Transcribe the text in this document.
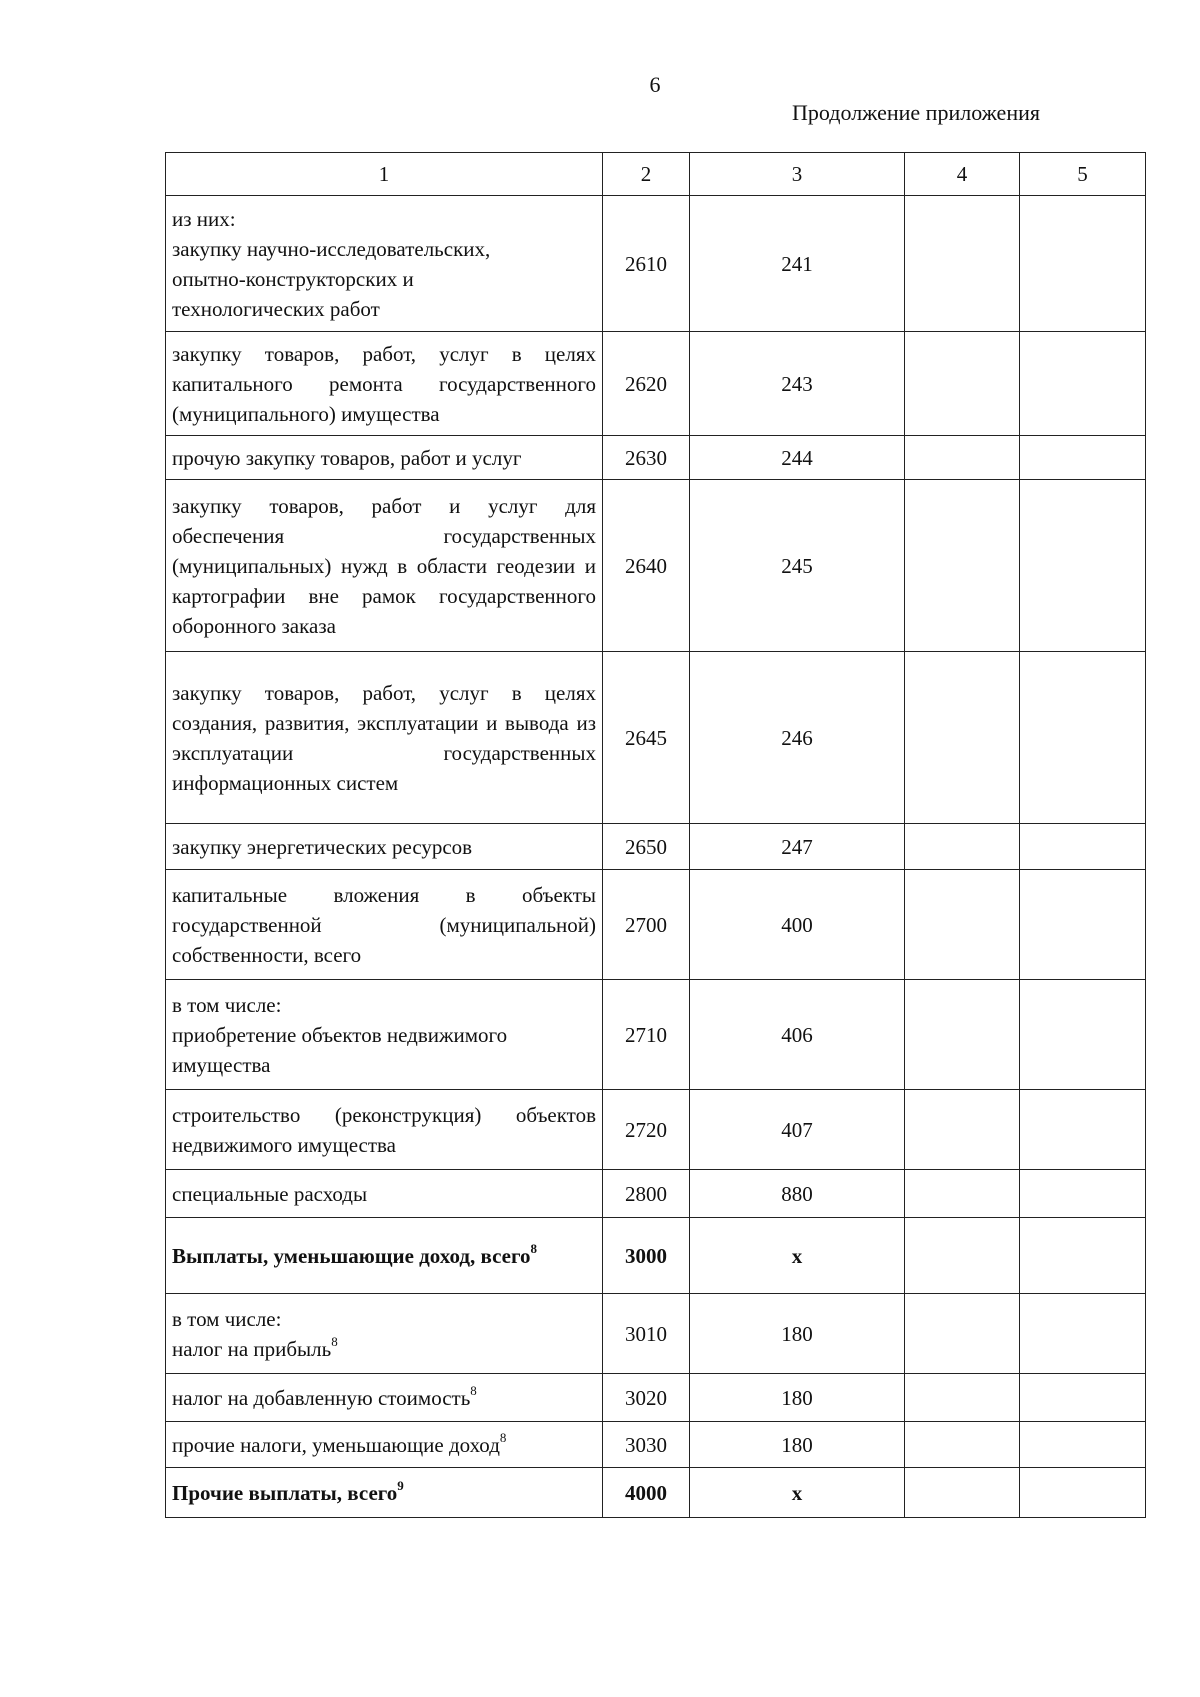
6
Продолжение приложения
1	2	3	4	5
из них:
закупку научно-исследовательских,
опытно-конструкторских и
технологических работ	2610	241		
закупку товаров, работ, услуг в целях капитального ремонта государственного (муниципального) имущества	2620	243		
прочую закупку товаров, работ и услуг	2630	244		
закупку товаров, работ и услуг для обеспечения государственных (муниципальных) нужд в области геодезии и картографии вне рамок государственного оборонного заказа	2640	245		
закупку товаров, работ, услуг в целях создания, развития, эксплуатации и вывода из эксплуатации государственных информационных систем	2645	246		
закупку энергетических ресурсов	2650	247		
капитальные вложения в объекты государственной (муниципальной) собственности, всего	2700	400		
в том числе:
приобретение объектов недвижимого
имущества	2710	406		
строительство (реконструкция) объектов недвижимого имущества	2720	407		
специальные расходы	2800	880		
Выплаты, уменьшающие доход, всего$^8$	3000	х		
в том числе:
налог на прибыль$^8$	3010	180		
налог на добавленную стоимость$^8$	3020	180		
прочие налоги, уменьшающие доход$^8$	3030	180		
Прочие выплаты, всего$^9$	4000	х		
